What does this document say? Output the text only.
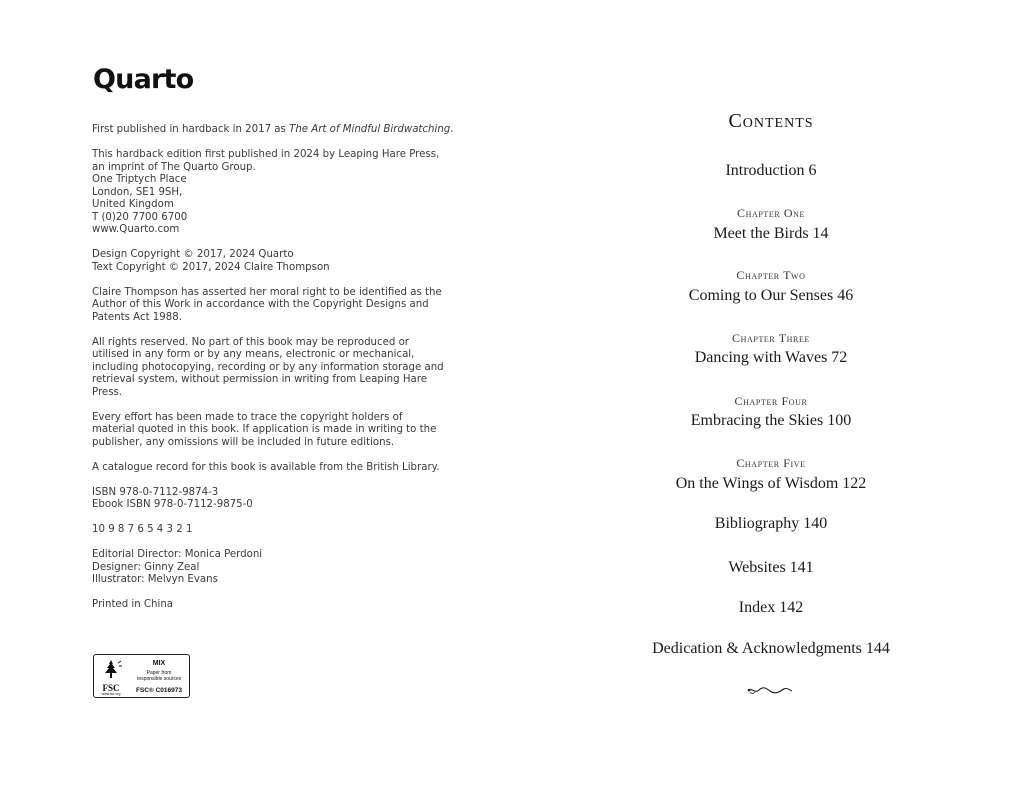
Quarto
First published in hardback in 2017 as The Art of Mindful Birdwatching.
This hardback edition first published in 2024 by Leaping Hare Press,
an imprint of The Quarto Group.
One Triptych Place
London, SE1 9SH,
United Kingdom
T (0)20 7700 6700
www.Quarto.com
Design Copyright © 2017, 2024 Quarto
Text Copyright © 2017, 2024 Claire Thompson
Claire Thompson has asserted her moral right to be identified as the
Author of this Work in accordance with the Copyright Designs and
Patents Act 1988.
All rights reserved. No part of this book may be reproduced or
utilised in any form or by any means, electronic or mechanical,
including photocopying, recording or by any information storage and
retrieval system, without permission in writing from Leaping Hare
Press.
Every effort has been made to trace the copyright holders of
material quoted in this book. If application is made in writing to the
publisher, any omissions will be included in future editions.
A catalogue record for this book is available from the British Library.
ISBN 978-0-7112-9874-3
Ebook ISBN 978-0-7112-9875-0
10 9 8 7 6 5 4 3 2 1
Editorial Director: Monica Perdoni
Designer: Ginny Zeal
Illustrator: Melvyn Evans
Printed in China
FSC
www.fsc.org
MIX
Paper from
responsible sources
FSC® C016973
Contents
Introduction 6
Chapter One
Meet the Birds 14
Chapter Two
Coming to Our Senses 46
Chapter Three
Dancing with Waves 72
Chapter Four
Embracing the Skies 100
Chapter Five
On the Wings of Wisdom 122
Bibliography 140
Websites 141
Index 142
Dedication & Acknowledgments 144
